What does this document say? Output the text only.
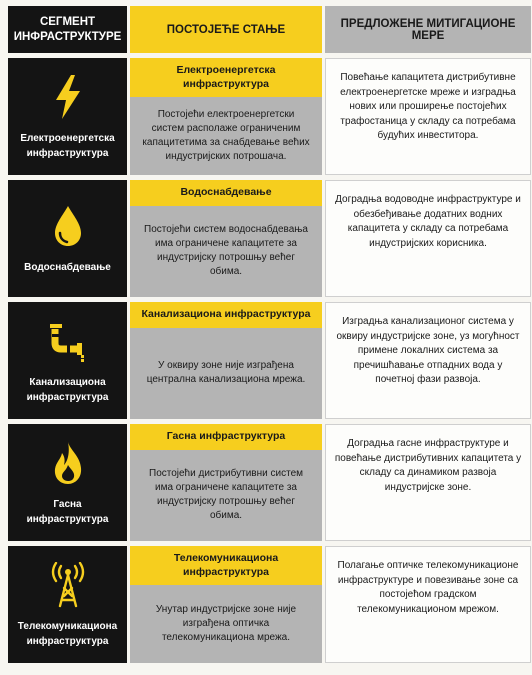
СЕГМЕНТ ИНФРАСТРУКТУРЕ
ПОСТОЈЕЋЕ СТАЊЕ	ПРЕДЛОЖЕНЕ МИТИГАЦИОНЕ МЕРЕ
Електроенергетска инфраструктура
Електроенергетска инфраструктура
Постојећи електроенергетски систем располаже ограниченим капацитетима за снабдевање већих индустријских потрошача.
Повећање капацитета дистрибутивне електроенергетске мреже и изградња нових или проширење постојећих трафостаница у складу са потребама будућих инвеститора.
Водоснабдевање
Водоснабдевање
Постојећи систем водоснабдевања има ограничене капацитете за индустријску потрошњу већег обима.
Доградња водоводне инфраструктуре и обезбеђивање додатних водних капацитета у складу са потребама индустријских корисника.
Канализациона инфраструктура
Канализациона инфраструктура
У оквиру зоне није изграђена централна канализациона мрежа.
Изградња канализационог система у оквиру индустријске зоне, уз могућност примене локалних система за пречишћавање отпадних вода у почетној фази развоја.
Гасна инфраструктура
Гасна инфраструктура
Постојећи дистрибутивни систем има ограничене капацитете за индустријску потрошњу већег обима.
Доградња гасне инфраструктуре и повећање дистрибутивних капацитета у складу са динамиком развоја индустријске зоне.
Телекомуникациона инфраструктура
Телекомуникациона инфраструктура
Унутар индустријске зоне није изграђена оптичка телекомуникациона мрежа.
Полагање оптичке телекомуникационе инфраструктуре и повезивање зоне са постојећом градском телекомуникационом мрежом.
